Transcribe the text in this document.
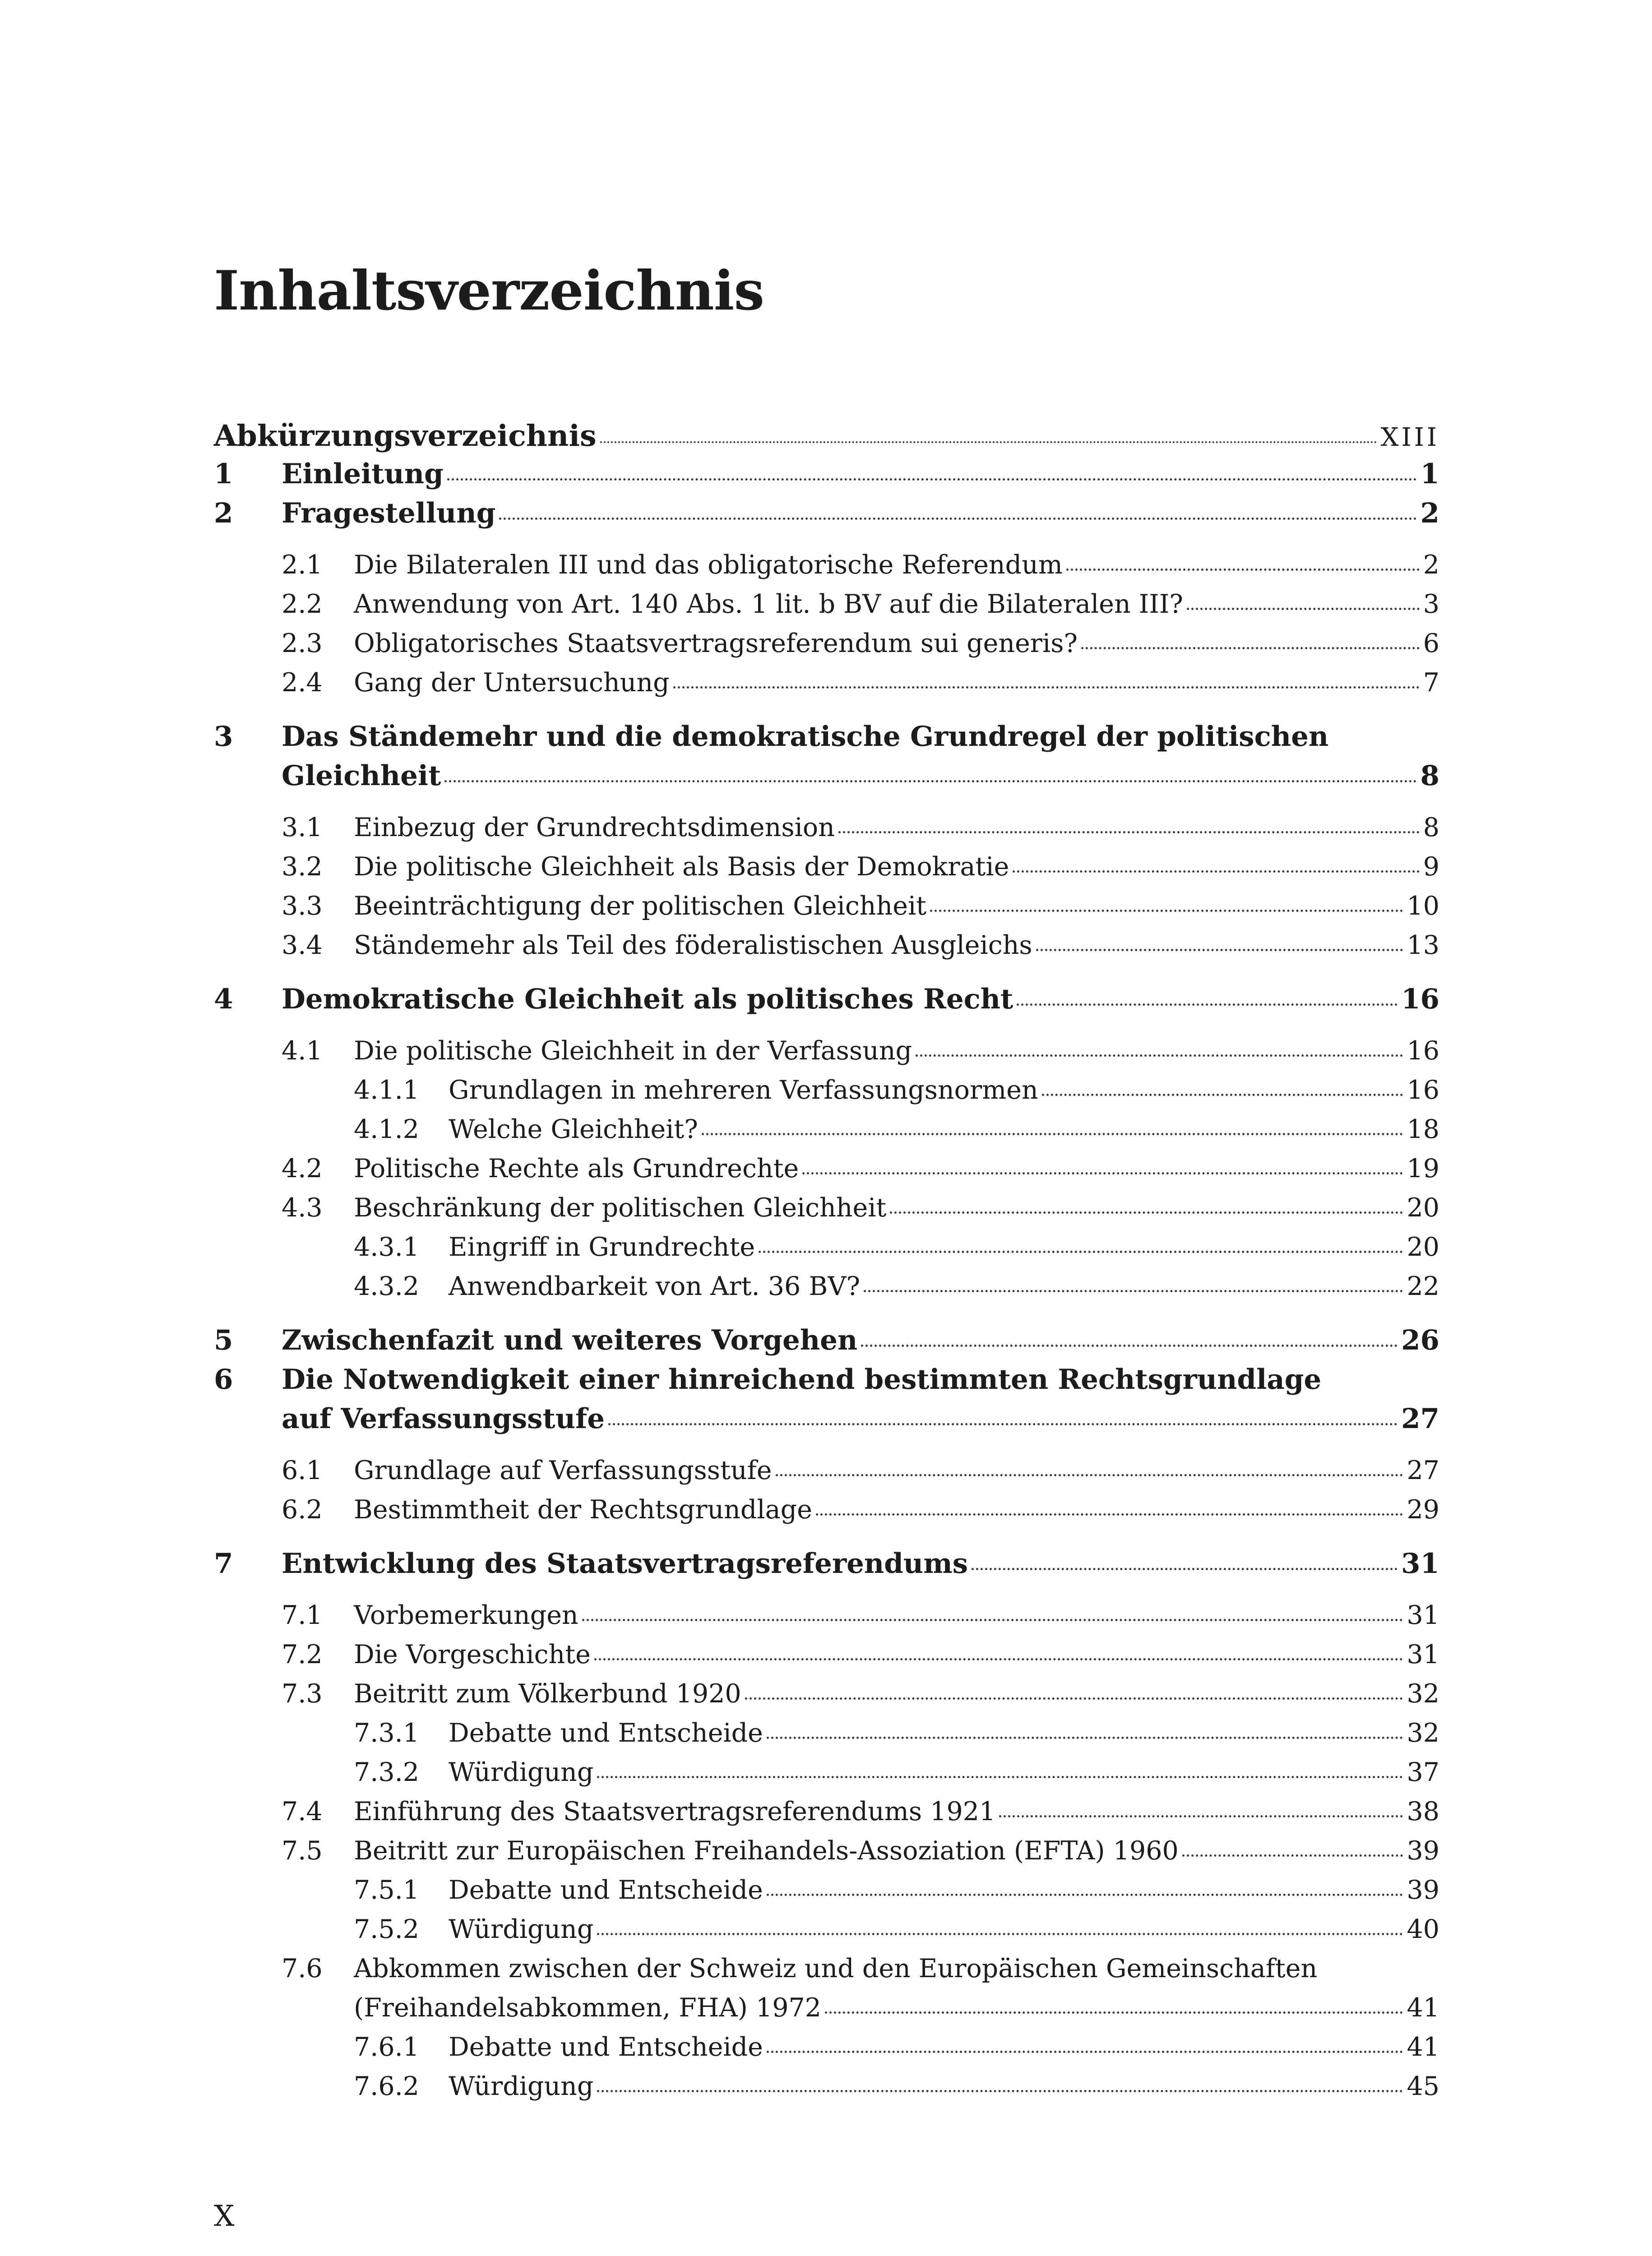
Inhaltsverzeichnis
Abkürzungsverzeichnis	XIII
1	Einleitung	1
2	Fragestellung	2
2.1	Die Bilateralen III und das obligatorische Referendum	2
2.2	Anwendung von Art. 140 Abs. 1 lit. b BV auf die Bilateralen III?	3
2.3	Obligatorisches Staatsvertragsreferendum sui generis?	6
2.4	Gang der Untersuchung	7
3	Das Ständemehr und die demokratische Grundregel der politischen
Gleichheit	8
3.1	Einbezug der Grundrechtsdimension	8
3.2	Die politische Gleichheit als Basis der Demokratie	9
3.3	Beeinträchtigung der politischen Gleichheit	10
3.4	Ständemehr als Teil des föderalistischen Ausgleichs	13
4	Demokratische Gleichheit als politisches Recht	16
4.1	Die politische Gleichheit in der Verfassung	16
4.1.1	Grundlagen in mehreren Verfassungsnormen	16
4.1.2	Welche Gleichheit?	18
4.2	Politische Rechte als Grundrechte	19
4.3	Beschränkung der politischen Gleichheit	20
4.3.1	Eingriff in Grundrechte	20
4.3.2	Anwendbarkeit von Art. 36 BV?	22
5	Zwischenfazit und weiteres Vorgehen	26
6	Die Notwendigkeit einer hinreichend bestimmten Rechtsgrundlage
auf Verfassungsstufe	27
6.1	Grundlage auf Verfassungsstufe	27
6.2	Bestimmtheit der Rechtsgrundlage	29
7	Entwicklung des Staatsvertragsreferendums	31
7.1	Vorbemerkungen	31
7.2	Die Vorgeschichte	31
7.3	Beitritt zum Völkerbund 1920	32
7.3.1	Debatte und Entscheide	32
7.3.2	Würdigung	37
7.4	Einführung des Staatsvertragsreferendums 1921	38
7.5	Beitritt zur Europäischen Freihandels-Assoziation (EFTA) 1960	39
7.5.1	Debatte und Entscheide	39
7.5.2	Würdigung	40
7.6	Abkommen zwischen der Schweiz und den Europäischen Gemeinschaften
(Freihandelsabkommen, FHA) 1972	41
7.6.1	Debatte und Entscheide	41
7.6.2	Würdigung	45
X
